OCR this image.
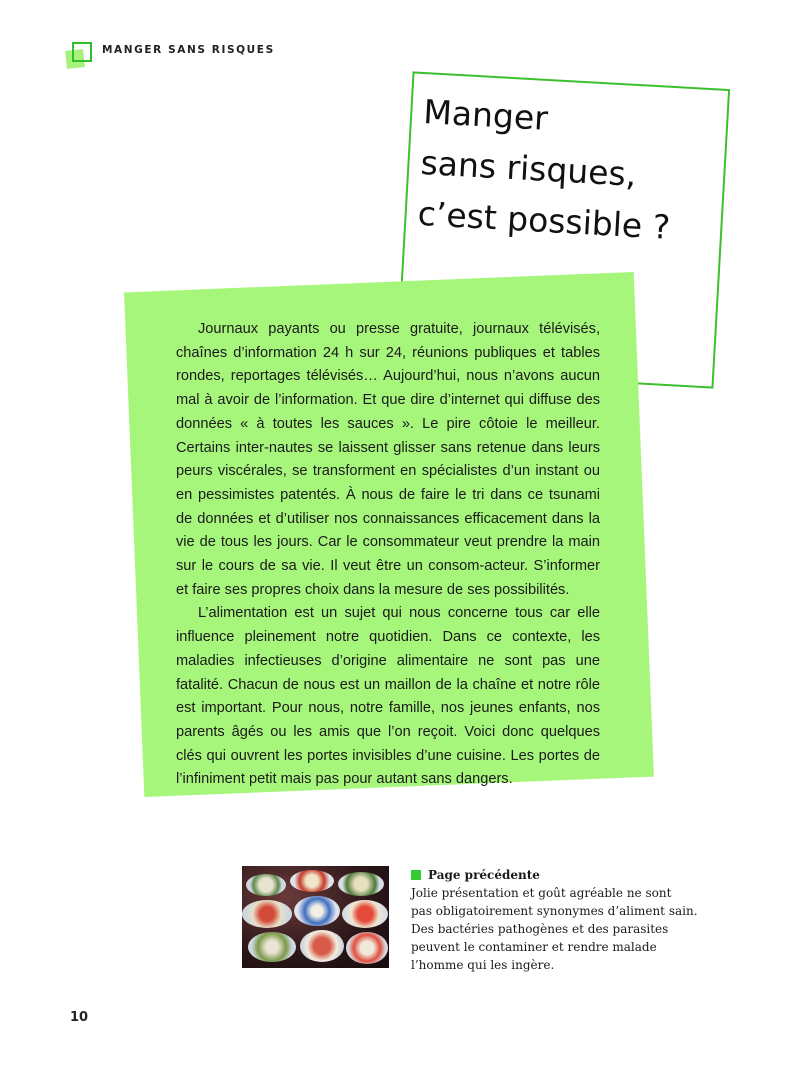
MANGER SANS RISQUES
Manger
sans risques,
c’est possible ?

Journaux payants ou presse gratuite, journaux télévisés, chaînes d’information 24 h sur 24, réunions publiques et tables rondes, reportages télévisés… Aujourd’hui, nous n’avons aucun mal à avoir de l’information. Et que dire d’internet qui diffuse des données « à toutes les sauces ». Le pire côtoie le meilleur. Certains inter-nautes se laissent glisser sans retenue dans leurs peurs viscérales, se transforment en spécialistes d’un instant ou en pessimistes patentés. À nous de faire le tri dans ce tsunami de données et d’utiliser nos connaissances efficacement dans la vie de tous les jours. Car le consommateur veut prendre la main sur le cours de sa vie. Il veut être un consom-acteur. S’informer et faire ses propres choix dans la mesure de ses possibilités.

L’alimentation est un sujet qui nous concerne tous car elle influence pleinement notre quotidien. Dans ce contexte, les maladies infectieuses d’origine alimentaire ne sont pas une fatalité. Chacun de nous est un maillon de la chaîne et notre rôle est important. Pour nous, notre famille, nos jeunes enfants, nos parents âgés ou les amis que l’on reçoit. Voici donc quelques clés qui ouvrent les portes invisibles d’une cuisine. Les portes de l’infiniment petit mais pas pour autant sans dangers.

Page précédente
Jolie présentation et goût agréable ne sont
pas obligatoirement synonymes d’aliment sain.
Des bactéries pathogènes et des parasites
peuvent le contaminer et rendre malade
l’homme qui les ingère.
10
